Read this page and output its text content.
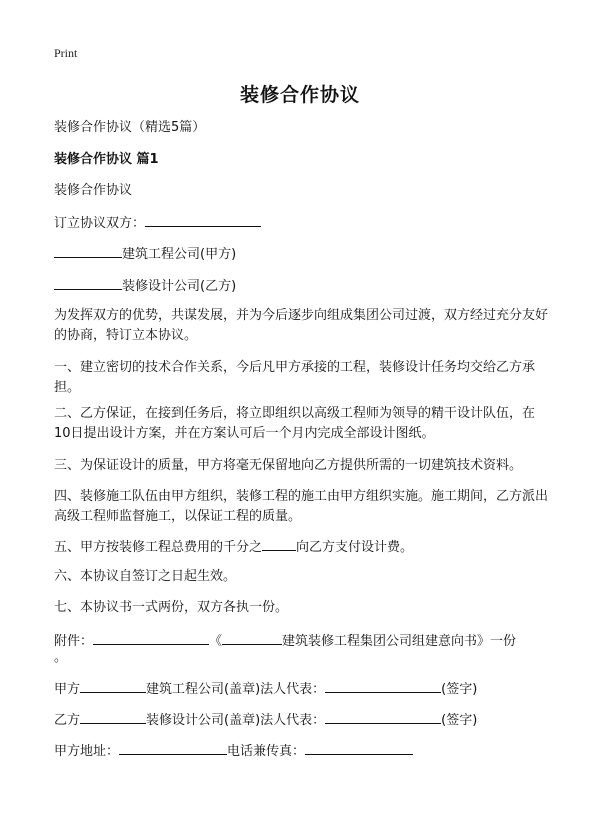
Print
装修合作协议
装修合作协议（精选5篇）
装修合作协议 篇1
装修合作协议
订立协议双方：
建筑工程公司(甲方)
装修设计公司(乙方)
为发挥双方的优势，共谋发展，并为今后逐步向组成集团公司过渡，双方经过充分友好的协商，特订立本协议。
一、建立密切的技术合作关系，今后凡甲方承接的工程，装修设计任务均交给乙方承担。
二、乙方保证，在接到任务后，将立即组织以高级工程师为领导的精干设计队伍，在10日提出设计方案，并在方案认可后一个月内完成全部设计图纸。
三、为保证设计的质量，甲方将毫无保留地向乙方提供所需的一切建筑技术资料。
四、装修施工队伍由甲方组织，装修工程的施工由甲方组织实施。施工期间，乙方派出高级工程师监督施工，以保证工程的质量。
五、甲方按装修工程总费用的千分之	向乙方支付设计费。
六、本协议自签订之日起生效。
七、本协议书一式两份，双方各执一份。
附件：	《	建筑装修工程集团公司组建意向书》一份
。
甲方	建筑工程公司(盖章)法人代表：	(签字)
乙方	装修设计公司(盖章)法人代表：	(签字)
甲方地址：	电话兼传真：
